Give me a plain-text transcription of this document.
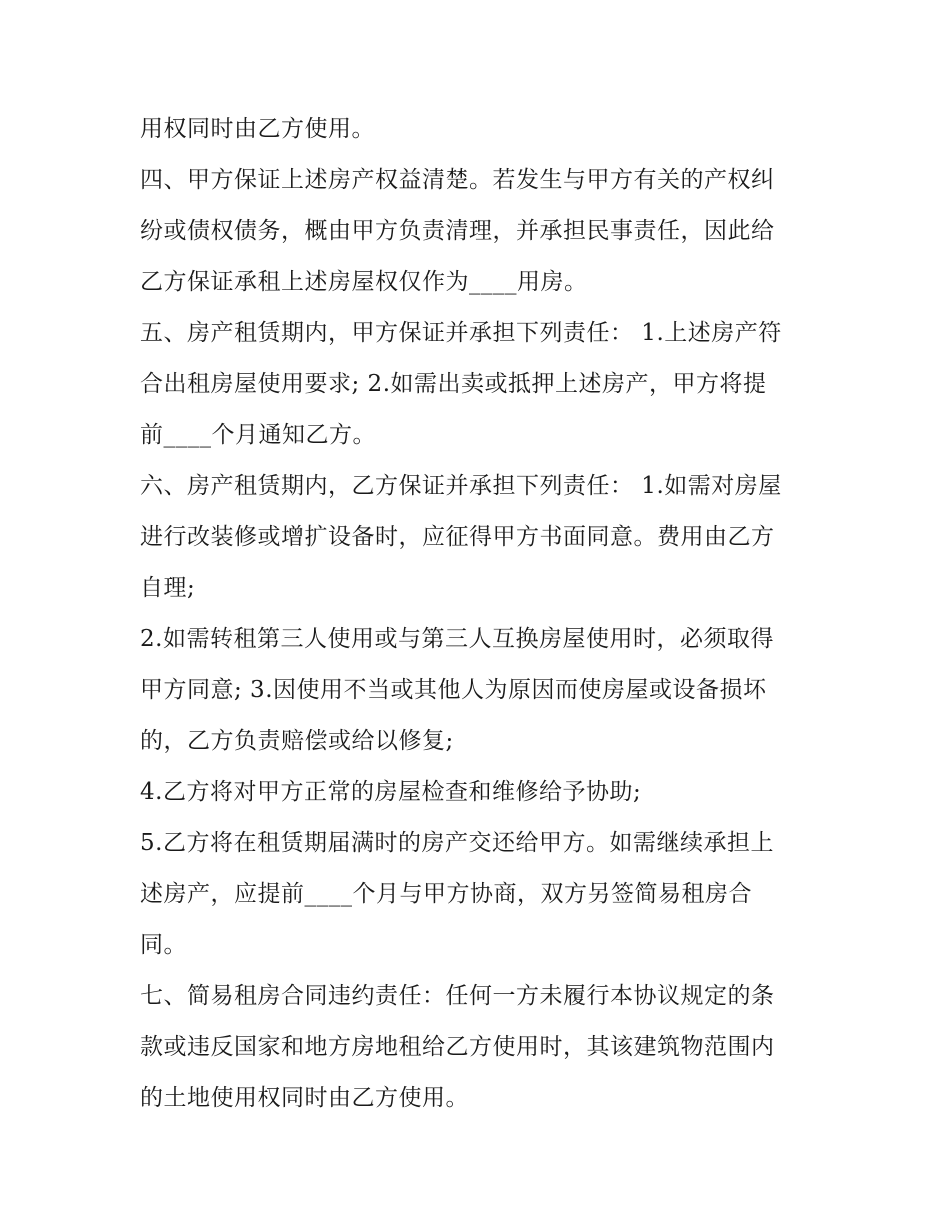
用权同时由乙方使用。
四、甲方保证上述房产权益清楚。若发生与甲方有关的产权纠
纷或债权债务，概由甲方负责清理，并承担民事责任，因此给
乙方保证承租上述房屋权仅作为____用房。
五、房产租赁期内，甲方保证并承担下列责任： 1.上述房产符
合出租房屋使用要求; 2.如需出卖或抵押上述房产，甲方将提
前____个月通知乙方。
六、房产租赁期内，乙方保证并承担下列责任： 1.如需对房屋
进行改装修或增扩设备时，应征得甲方书面同意。费用由乙方
自理;
2.如需转租第三人使用或与第三人互换房屋使用时，必须取得
甲方同意; 3.因使用不当或其他人为原因而使房屋或设备损坏
的，乙方负责赔偿或给以修复;
4.乙方将对甲方正常的房屋检查和维修给予协助;
5.乙方将在租赁期届满时的房产交还给甲方。如需继续承担上
述房产，应提前____个月与甲方协商，双方另签简易租房合
同。
七、简易租房合同违约责任：任何一方未履行本协议规定的条
款或违反国家和地方房地租给乙方使用时，其该建筑物范围内
的土地使用权同时由乙方使用。
